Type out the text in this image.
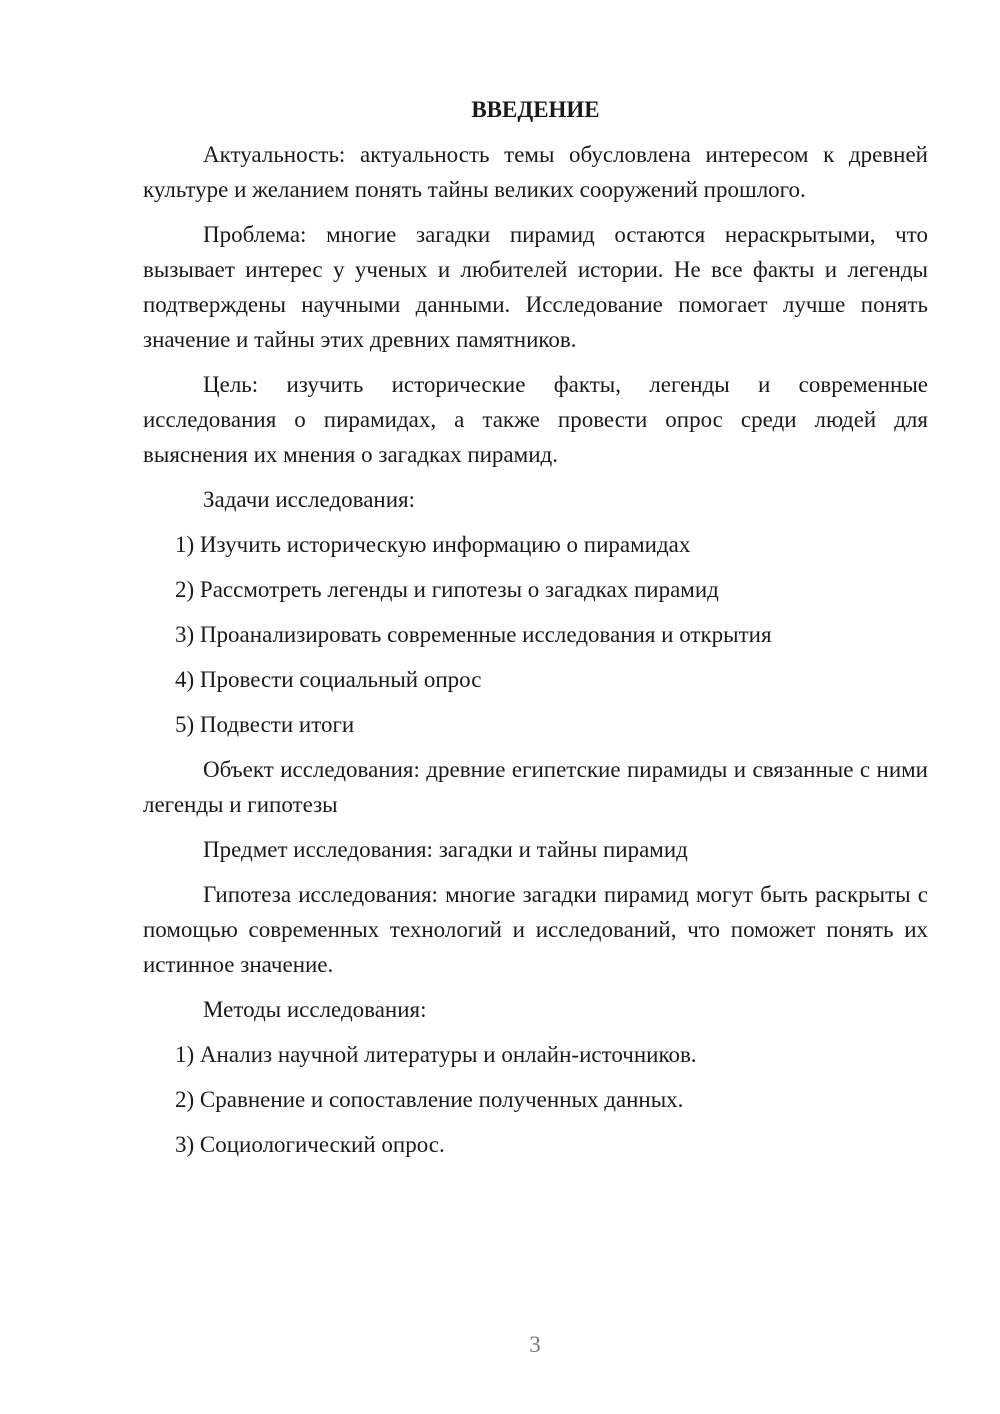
ВВЕДЕНИЕ

Актуальность: актуальность темы обусловлена интересом к древней культуре и желанием понять тайны великих сооружений прошлого.

Проблема: многие загадки пирамид остаются нераскрытыми, что вызывает интерес у ученых и любителей истории. Не все факты и легенды подтверждены научными данными. Исследование помогает лучше понять значение и тайны этих древних памятников.

Цель: изучить исторические факты, легенды и современные исследования о пирамидах, а также провести опрос среди людей для выяснения их мнения о загадках пирамид.

Задачи исследования:

1) Изучить историческую информацию о пирамидах
2) Рассмотреть легенды и гипотезы о загадках пирамид
3) Проанализировать современные исследования и открытия
4) Провести социальный опрос
5) Подвести итоги

Объект исследования: древние египетские пирамиды и связанные с ними легенды и гипотезы

Предмет исследования: загадки и тайны пирамид

Гипотеза исследования: многие загадки пирамид могут быть раскрыты с помощью современных технологий и исследований, что поможет понять их истинное значение.

Методы исследования:

1) Анализ научной литературы и онлайн-источников.
2) Сравнение и сопоставление полученных данных.
3) Социологический опрос.
3
